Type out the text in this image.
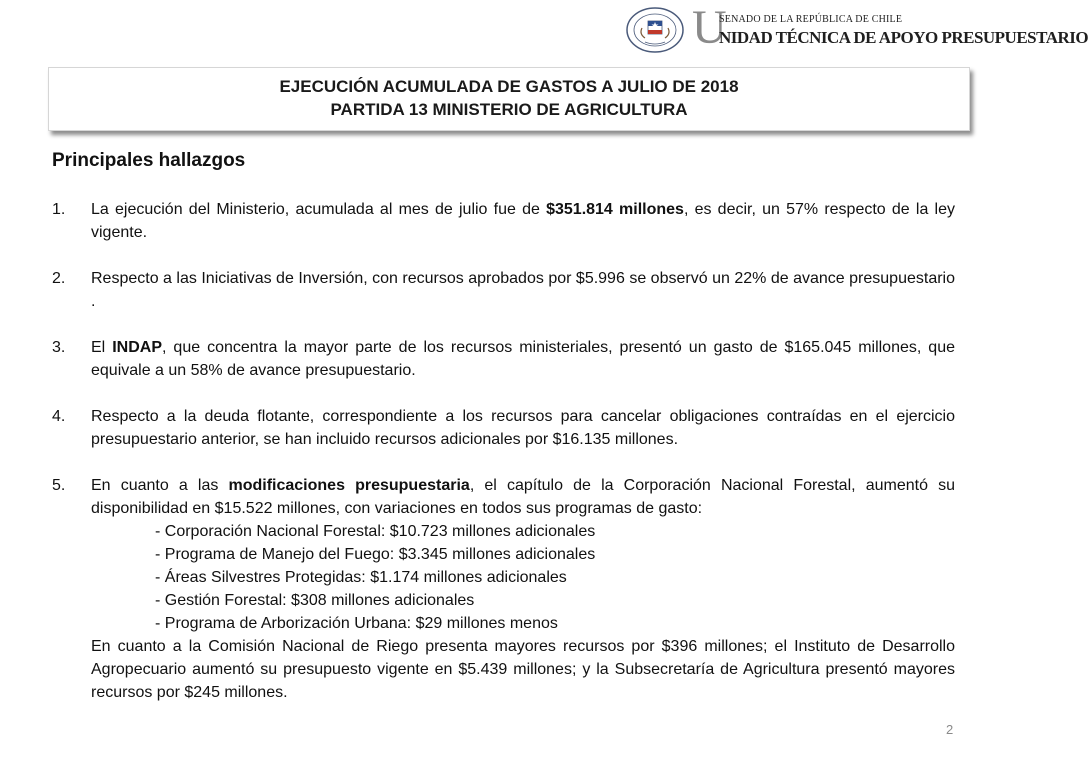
U
SENADO DE LA REPÚBLICA DE CHILE
NIDAD TÉCNICA DE APOYO PRESUPUESTARIO
EJECUCIÓN ACUMULADA DE GASTOS A JULIO DE 2018
PARTIDA 13 MINISTERIO DE AGRICULTURA
Principales hallazgos
1. La ejecución del Ministerio, acumulada al mes de julio fue de $351.814 millones, es decir, un 57% respecto de la ley vigente.
2. Respecto a las Iniciativas de Inversión, con recursos aprobados por $5.996 se observó un 22% de avance presupuestario .
3. El INDAP, que concentra la mayor parte de los recursos ministeriales, presentó un gasto de $165.045 millones, que equivale a un 58% de avance presupuestario.
4. Respecto a la deuda flotante, correspondiente a los recursos para cancelar obligaciones contraídas en el ejercicio presupuestario anterior, se han incluido recursos adicionales por $16.135 millones.
5. En cuanto a las modificaciones presupuestaria, el capítulo de la Corporación Nacional Forestal, aumentó su disponibilidad en $15.522 millones, con variaciones en todos sus programas de gasto:
- Corporación Nacional Forestal: $10.723 millones adicionales
- Programa de Manejo del Fuego: $3.345 millones adicionales
- Áreas Silvestres Protegidas: $1.174 millones adicionales
- Gestión Forestal: $308 millones adicionales
- Programa de Arborización Urbana: $29 millones menos
En cuanto a la Comisión Nacional de Riego presenta mayores recursos por $396 millones; el Instituto de Desarrollo Agropecuario aumentó su presupuesto vigente en $5.439 millones; y la Subsecretaría de Agricultura presentó mayores recursos por $245 millones.
2
